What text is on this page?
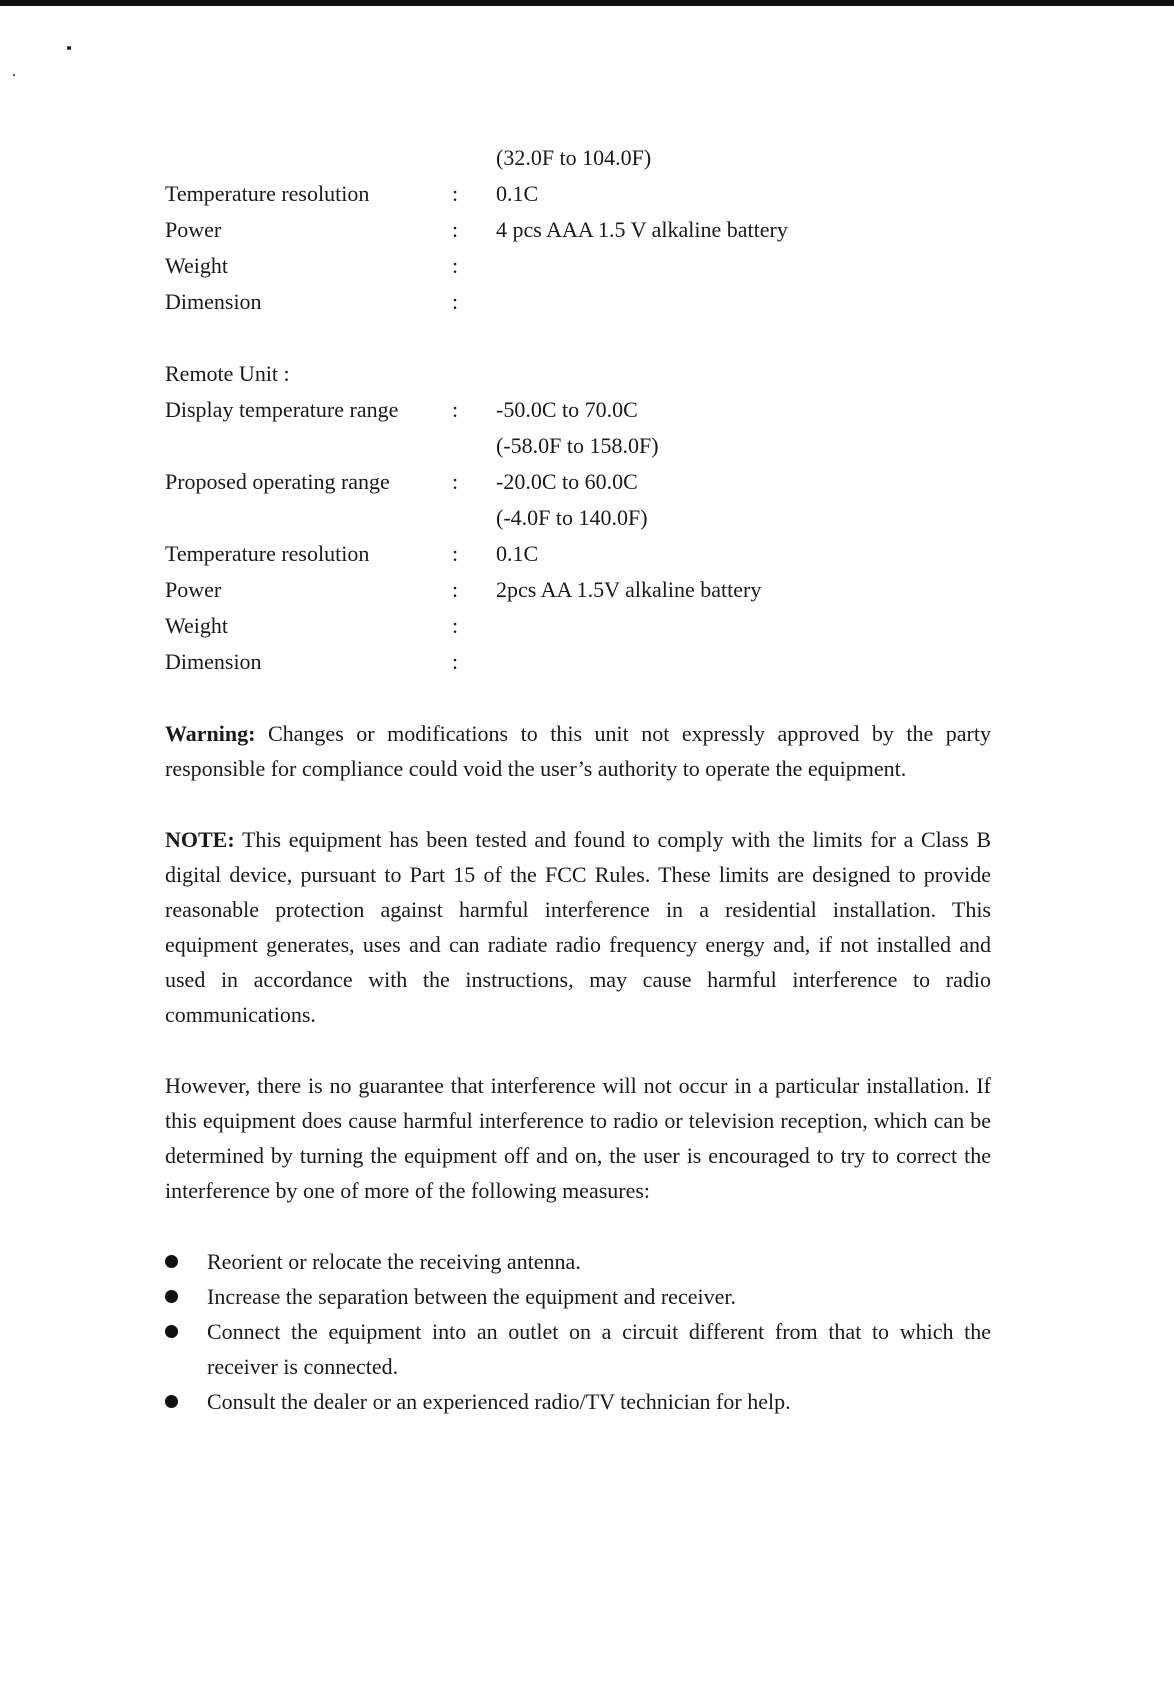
(32.0F to 104.0F)
Temperature resolution	:	0.1C
Power	:	4 pcs AAA 1.5 V alkaline battery
Weight	:
Dimension	:
Remote Unit :
Display temperature range	:	-50.0C to 70.0C
(-58.0F to 158.0F)
Proposed operating range	:	-20.0C to 60.0C
(-4.0F to 140.0F)
Temperature resolution	:	0.1C
Power	:	2pcs AA 1.5V alkaline battery
Weight	:
Dimension	:

Warning: Changes or modifications to this unit not expressly approved by the party responsible for compliance could void the user’s authority to operate the equipment.

NOTE: This equipment has been tested and found to comply with the limits for a Class B digital device, pursuant to Part 15 of the FCC Rules. These limits are designed to provide reasonable protection against harmful interference in a residential installation. This equipment generates, uses and can radiate radio frequency energy and, if not installed and used in accordance with the instructions, may cause harmful interference to radio communications.

However, there is no guarantee that interference will not occur in a particular installation. If this equipment does cause harmful interference to radio or television reception, which can be determined by turning the equipment off and on, the user is encouraged to try to correct the interference by one of more of the following measures:

Reorient or relocate the receiving antenna.
Increase the separation between the equipment and receiver.
Connect the equipment into an outlet on a circuit different from that to which the receiver is connected.
Consult the dealer or an experienced radio/TV technician for help.
